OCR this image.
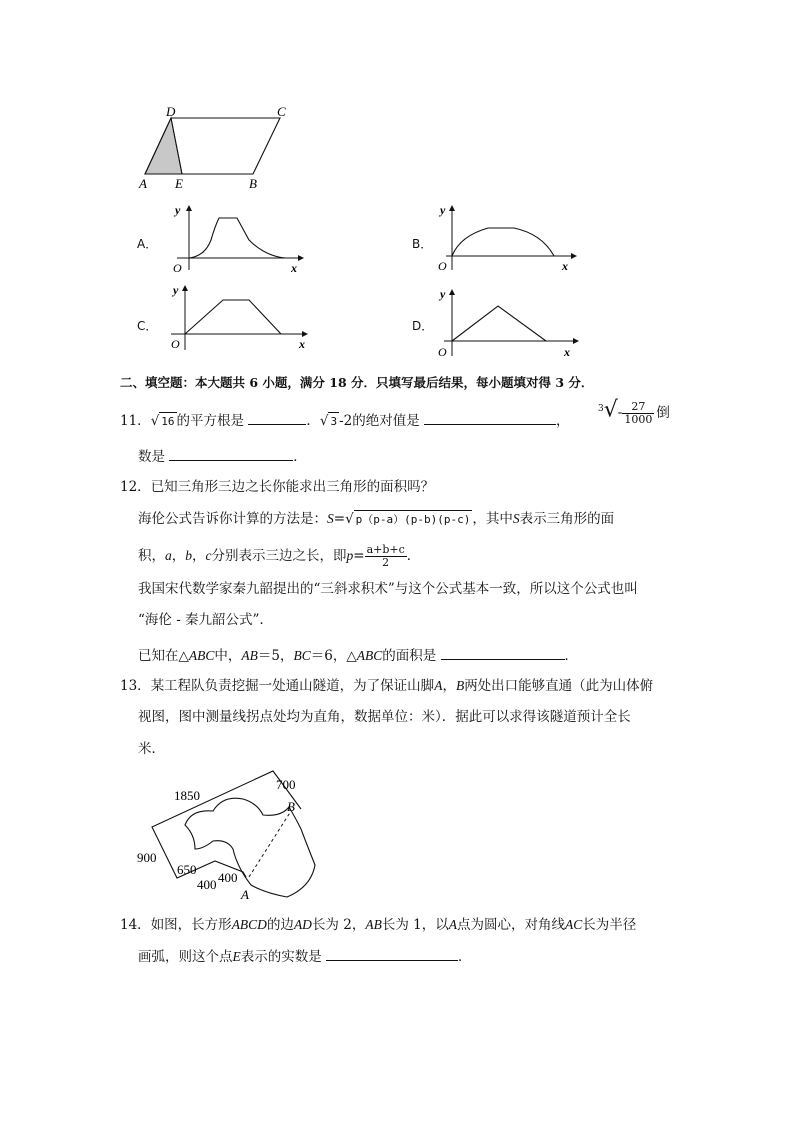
D	C
A E	B
A．
O	x
y
B．
O	x
y
C．
O	x
y
D．
O	x
y
二、填空题：本大题共 6 小题，满分 18 分．只填写最后结果，每小题填对得 3 分．
11．√ 16 的平方根是	．√ 3 -2的绝对值是	，
$^3√- \frac{27}{1000}$ 倒
数是	．
12．已知三角形三边之长你能求出三角形的面积吗？
海伦公式告诉你计算的方法是：S=√ p（p-a）(p-b)(p-c) ，其中S表示三角形的面
积，a，b，c分别表示三边之长，即$p= \frac{a+b+c}{2}$ ．
我国宋代数学家秦九韶提出的“三斜求积术”与这个公式基本一致，所以这个公式也叫
“海伦 - 秦九韶公式”．
已知在△ABC中，AB＝5，BC＝6，△ABC的面积是	．
13．某工程队负责挖掘一处通山隧道，为了保证山脚A，B两处出口能够直通（此为山体俯
视图，图中测量线拐点处均为直角，数据单位：米）．据此可以求得该隧道预计全长
米．
1850
700
900
650
400 400
A
B
14．如图，长方形ABCD的边AD长为 2，AB长为 1，以A点为圆心，对角线AC长为半径
画弧，则这个点E表示的实数是	．
